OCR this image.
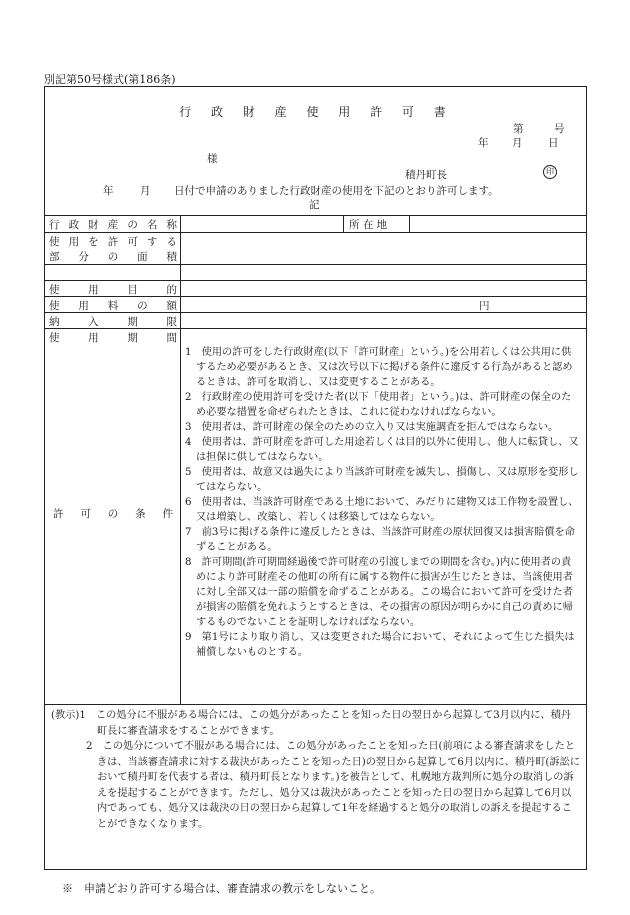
別記第50号様式(第186条)
行 政 財 産 使 用 許 可 書
第	号
年 月 日
様
積丹町長	印
年	月 日付で申請のありました行政財産の使用を下記のとおり許可します。
記
行 政 財 産 の 名 称	所 在 地
使 用 を 許 可 す る
部 分 の 面 積
使 用 目 的
使 用 料 の 額	円
納 入 期 限
使 用 期 間
許 可 の 条 件

1　使用の許可をした行政財産(以下「許可財産」という。)を公用若しくは公共用に供するため必要があるとき、又は次号以下に掲げる条件に違反する行為があると認めるときは、許可を取消し、又は変更することがある。

2　行政財産の使用許可を受けた者(以下「使用者」という。)は、許可財産の保全のため必要な措置を命ぜられたときは、これに従わなければならない。

3　使用者は、許可財産の保全のための立入り又は実施調査を拒んではならない。

4　使用者は、許可財産を許可した用途若しくは目的以外に使用し、他人に転貸し、又は担保に供してはならない。

5　使用者は、故意又は過失により当該許可財産を滅失し、損傷し、又は原形を変形してはならない。

6　使用者は、当該許可財産である土地において、みだりに建物又は工作物を設置し、又は増築し、改築し、若しくは移築してはならない。

7　前3号に掲げる条件に違反したときは、当該許可財産の原状回復又は損害賠償を命ずることがある。

8　許可期間(許可期間経過後で許可財産の引渡しまでの期間を含む。)内に使用者の責めにより許可財産その他町の所有に属する物件に損害が生じたときは、当該使用者に対し全部又は一部の賠償を命ずることがある。この場合において許可を受けた者が損害の賠償を免れようとするときは、その損害の原因が明らかに自己の責めに帰するものでないことを証明しなければならない。

9　第1号により取り消し、又は変更された場合において、それによって生じた損失は補償しないものとする。

(教示)1　この処分に不服がある場合には、この処分があったことを知った日の翌日から起算して3月以内に、積丹町長に審査請求をすることができます。

2　この処分について不服がある場合には、この処分があったことを知った日(前項による審査請求をしたときは、当該審査請求に対する裁決があったことを知った日)の翌日から起算して6月以内に、積丹町(訴訟において積丹町を代表する者は、積丹町長となります。)を被告として、札幌地方裁判所に処分の取消しの訴えを提起することができます。ただし、処分又は裁決があったことを知った日の翌日から起算して6月以内であっても、処分又は裁決の日の翌日から起算して1年を経過すると処分の取消しの訴えを提起することができなくなります。

※　申請どおり許可する場合は、審査請求の教示をしないこと。
